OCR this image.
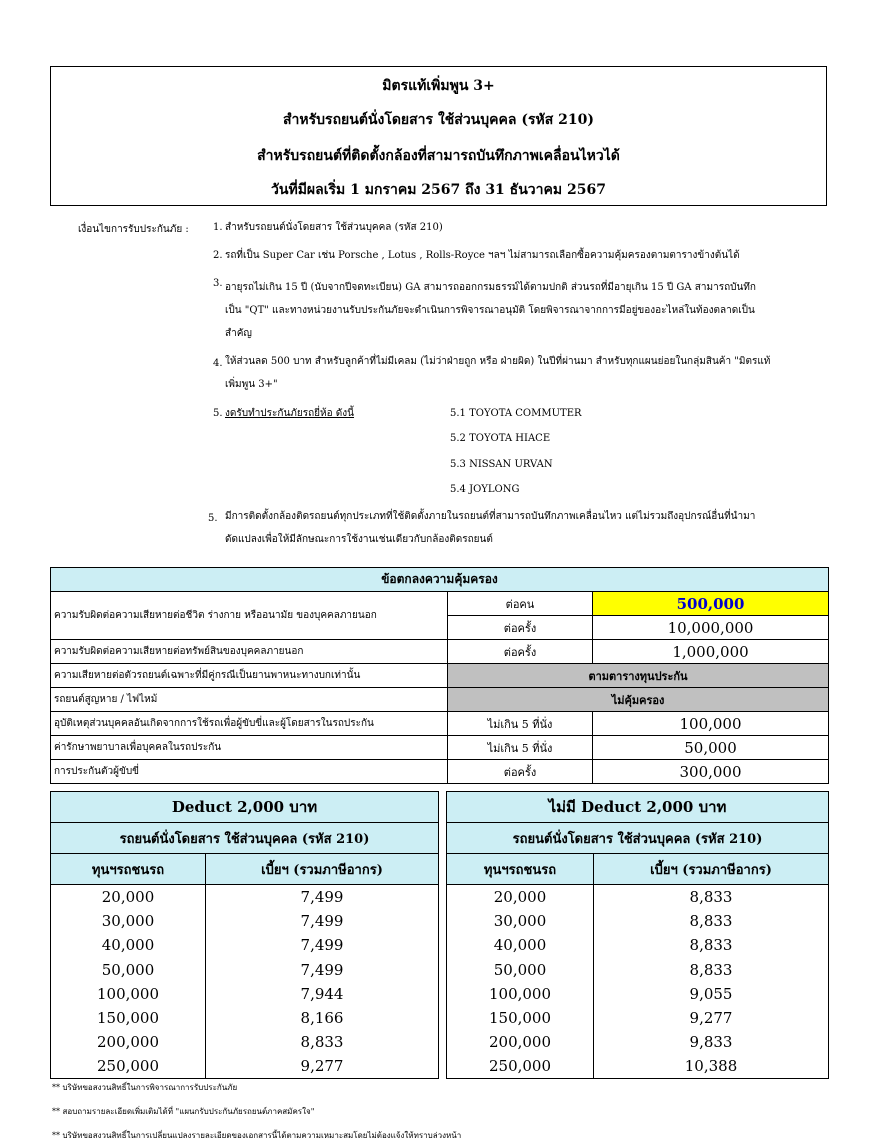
มิตรแท้เพิ่มพูน 3+
สำหรับรถยนต์นั่งโดยสาร ใช้ส่วนบุคคล (รหัส 210)
สำหรับรถยนต์ที่ติดตั้งกล้องที่สามารถบันทึกภาพเคลื่อนไหวได้
วันที่มีผลเริ่ม 1 มกราคม 2567 ถึง 31 ธันวาคม 2567
เงื่อนไขการรับประกันภัย : 1. สำหรับรถยนต์นั่งโดยสาร ใช้ส่วนบุคคล (รหัส 210)
2. รถที่เป็น Super Car เช่น Porsche , Lotus , Rolls-Royce ฯลฯ ไม่สามารถเลือกซื้อความคุ้มครองตามตารางข้างต้นได้
3. อายุรถไม่เกิน 15 ปี (นับจากปีจดทะเบียน) GA สามารถออกกรมธรรม์ได้ตามปกติ ส่วนรถที่มีอายุเกิน 15 ปี GA สามารถบันทึก
เป็น "QT" และทางหน่วยงานรับประกันภัยจะดำเนินการพิจารณาอนุมัติ โดยพิจารณาจากการมีอยู่ของอะไหล่ในท้องตลาดเป็น
สำคัญ
4. ให้ส่วนลด 500 บาท สำหรับลูกค้าที่ไม่มีเคลม (ไม่ว่าฝ่ายถูก หรือ ฝ่ายผิด) ในปีที่ผ่านมา สำหรับทุกแผนย่อยในกลุ่มสินค้า "มิตรแท้
เพิ่มพูน 3+"
5. งดรับทำประกันภัยรถยี่ห้อ ดังนี้	5.1 TOYOTA COMMUTER
5.2 TOYOTA HIACE
5.3 NISSAN URVAN
5.4 JOYLONG
5. มีการติดตั้งกล้องติดรถยนต์ทุกประเภทที่ใช้ติดตั้งภายในรถยนต์ที่สามารถบันทึกภาพเคลื่อนไหว แต่ไม่รวมถึงอุปกรณ์อื่นที่นำมา
ดัดแปลงเพื่อให้มีลักษณะการใช้งานเช่นเดียวกับกล้องติดรถยนต์
ข้อตกลงความคุ้มครอง		
ความรับผิดต่อความเสียหายต่อชีวิต ร่างกาย หรืออนามัย ของบุคคลภายนอก	ต่อคน	500,000
	ต่อครั้ง	10,000,000
ความรับผิดต่อความเสียหายต่อทรัพย์สินของบุคคลภายนอก	ต่อครั้ง	1,000,000
ความเสียหายต่อตัวรถยนต์เฉพาะที่มีคู่กรณีเป็นยานพาหนะทางบกเท่านั้น	ตามตารางทุนประกัน	
รถยนต์สูญหาย / ไฟไหม้	ไม่คุ้มครอง	
อุบัติเหตุส่วนบุคคลอันเกิดจากการใช้รถเพื่อผู้ขับขี่และผู้โดยสารในรถประกัน	ไม่เกิน 5 ที่นั่ง	100,000
ค่ารักษาพยาบาลเพื่อบุคคลในรถประกัน	ไม่เกิน 5 ที่นั่ง	50,000
การประกันตัวผู้ขับขี่	ต่อครั้ง	300,000
Deduct 2,000 บาท	
รถยนต์นั่งโดยสาร ใช้ส่วนบุคคล (รหัส 210)	
ทุนฯรถชนรถ	เบี้ยฯ (รวมภาษีอากร)
20,000	7,499
30,000	7,499
40,000	7,499
50,000	7,499
100,000	7,944
150,000	8,166
200,000	8,833
250,000	9,277
ไม่มี Deduct 2,000 บาท	
รถยนต์นั่งโดยสาร ใช้ส่วนบุคคล (รหัส 210)	
ทุนฯรถชนรถ	เบี้ยฯ (รวมภาษีอากร)
20,000	8,833
30,000	8,833
40,000	8,833
50,000	8,833
100,000	9,055
150,000	9,277
200,000	9,833
250,000	10,388
** บริษัทขอสงวนสิทธิ์ในการพิจารณาการรับประกันภัย
** สอบถามรายละเอียดเพิ่มเติมได้ที่ "แผนกรับประกันภัยรถยนต์ภาคสมัครใจ"
** บริษัทขอสงวนสิทธิ์ในการเปลี่ยนแปลงรายละเอียดของเอกสารนี้ได้ตามความเหมาะสมโดยไม่ต้องแจ้งให้ทราบล่วงหน้า
